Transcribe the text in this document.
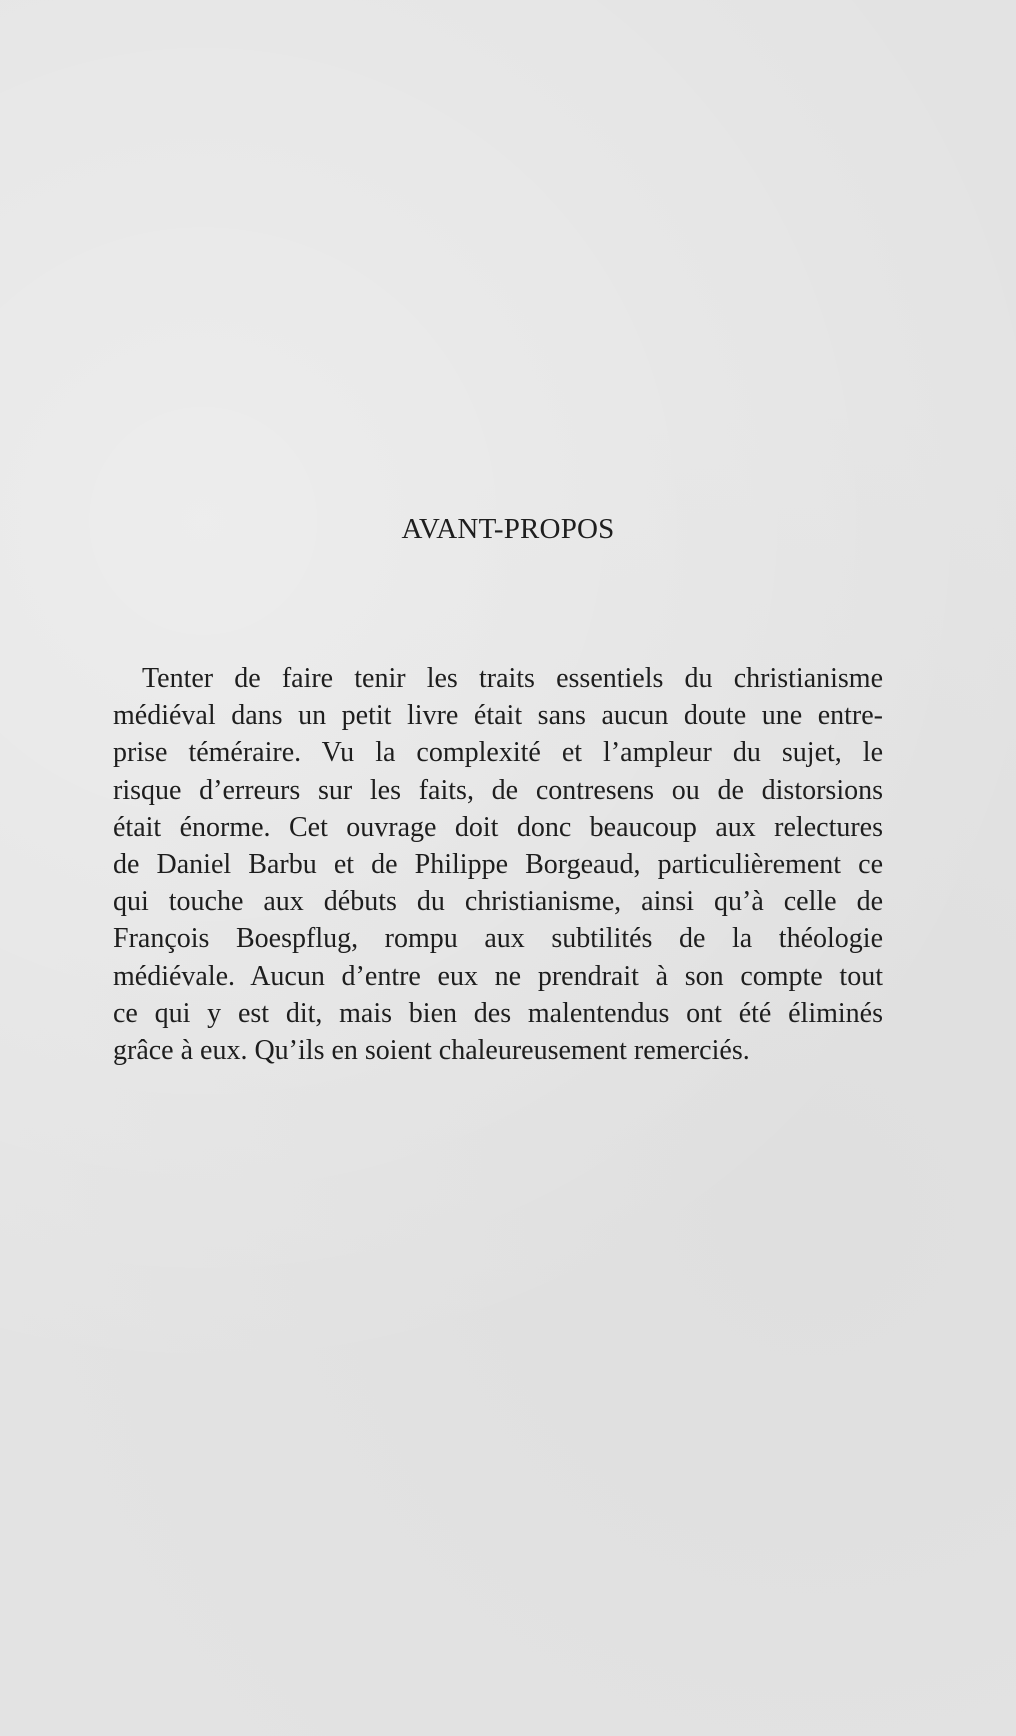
AVANT-PROPOS
Tenter de faire tenir les traits essentiels du christianisme
médiéval dans un petit livre était sans aucun doute une entre-
prise téméraire. Vu la complexité et l’ampleur du sujet, le
risque d’erreurs sur les faits, de contresens ou de distorsions
était énorme. Cet ouvrage doit donc beaucoup aux relectures
de Daniel Barbu et de Philippe Borgeaud, particulièrement ce
qui touche aux débuts du christianisme, ainsi qu’à celle de
François Boespflug, rompu aux subtilités de la théologie
médiévale. Aucun d’entre eux ne prendrait à son compte tout
ce qui y est dit, mais bien des malentendus ont été éliminés
grâce à eux. Qu’ils en soient chaleureusement remerciés.
